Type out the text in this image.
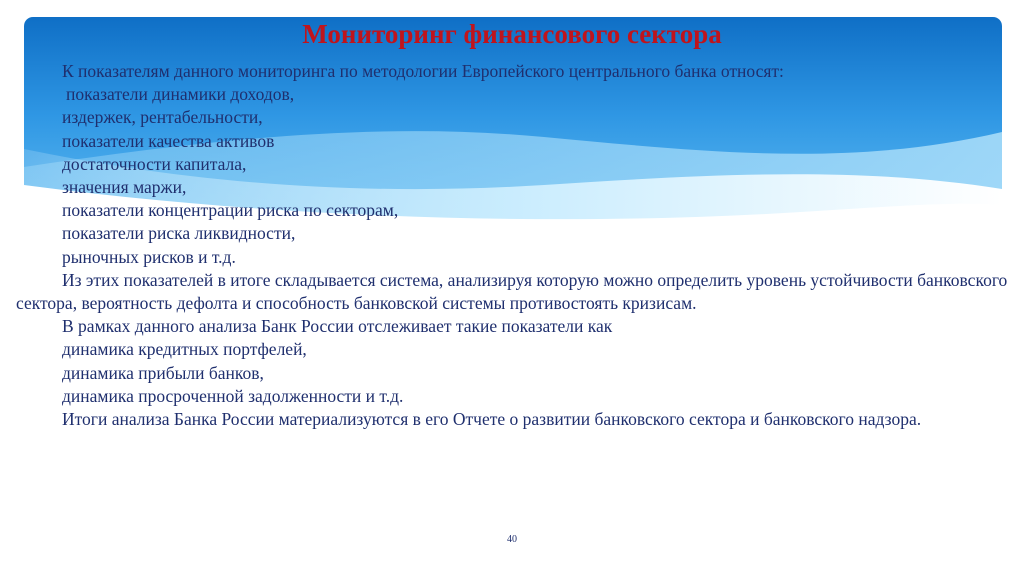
Мониторинг финансового сектора
К показателям данного мониторинга по методологии Европейского центрального банка относят:
показатели динамики доходов,
издержек, рентабельности,
показатели качества активов
достаточности капитала,
значения маржи,
показатели концентрации риска по секторам,
показатели риска ликвидности,
рыночных рисков и т.д.
Из этих показателей в итоге складывается система, анализируя которую можно определить уровень устойчивости банковского сектора, вероятность дефолта и способность банковской системы противостоять кризисам.
В рамках данного анализа Банк России отслеживает такие показатели как
динамика кредитных портфелей,
динамика прибыли банков,
динамика просроченной задолженности и т.д.
Итоги анализа Банка России материализуются в его Отчете о развитии банковского сектора и банковского надзора.
40
